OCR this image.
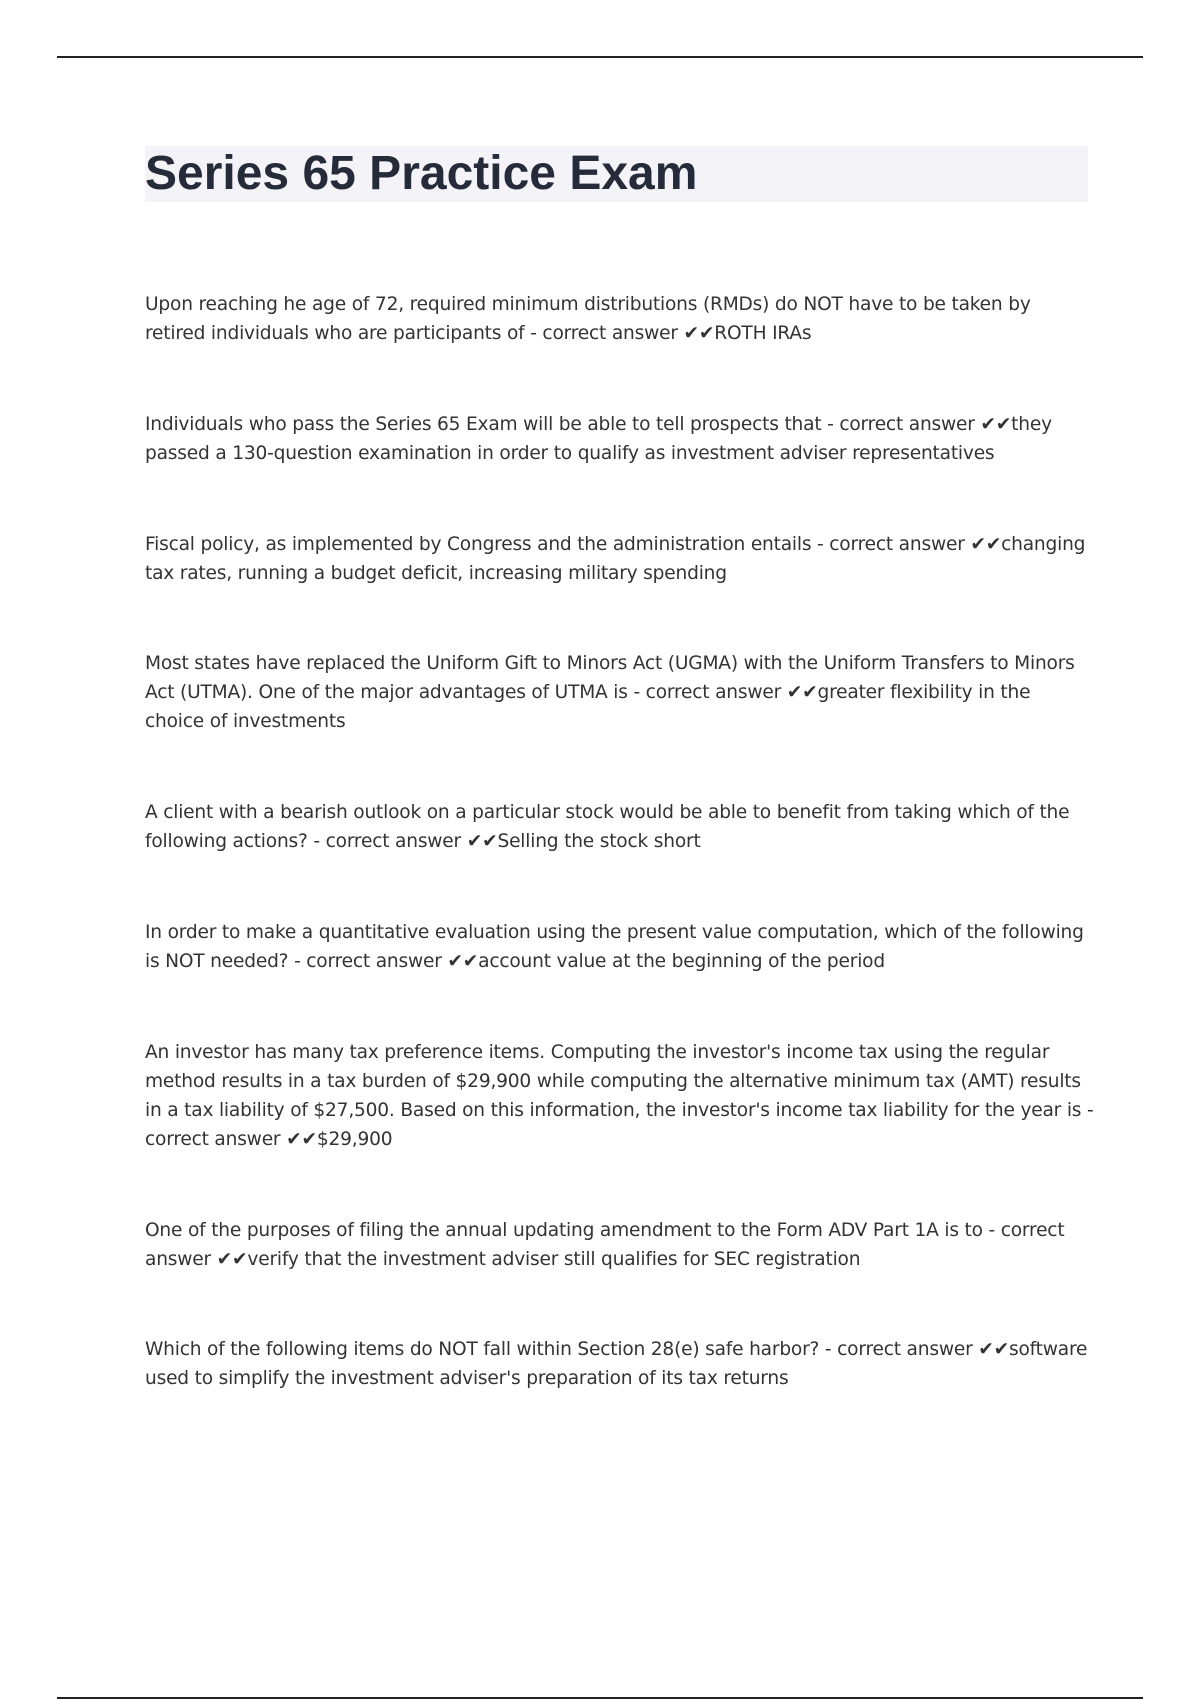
Series 65 Practice Exam

Upon reaching he age of 72, required minimum distributions (RMDs) do NOT have to be taken by retired individuals who are participants of - correct answer ✔✔ROTH IRAs

Individuals who pass the Series 65 Exam will be able to tell prospects that - correct answer ✔✔they passed a 130-question examination in order to qualify as investment adviser representatives

Fiscal policy, as implemented by Congress and the administration entails - correct answer ✔✔changing tax rates, running a budget deficit, increasing military spending

Most states have replaced the Uniform Gift to Minors Act (UGMA) with the Uniform Transfers to Minors Act (UTMA). One of the major advantages of UTMA is - correct answer ✔✔greater flexibility in the choice of investments

A client with a bearish outlook on a particular stock would be able to benefit from taking which of the following actions? - correct answer ✔✔Selling the stock short

In order to make a quantitative evaluation using the present value computation, which of the following is NOT needed? - correct answer ✔✔account value at the beginning of the period

An investor has many tax preference items. Computing the investor's income tax using the regular method results in a tax burden of $29,900 while computing the alternative minimum tax (AMT) results in a tax liability of $27,500. Based on this information, the investor's income tax liability for the year is - correct answer ✔✔$29,900

One of the purposes of filing the annual updating amendment to the Form ADV Part 1A is to - correct answer ✔✔verify that the investment adviser still qualifies for SEC registration

Which of the following items do NOT fall within Section 28(e) safe harbor? - correct answer ✔✔software used to simplify the investment adviser's preparation of its tax returns
